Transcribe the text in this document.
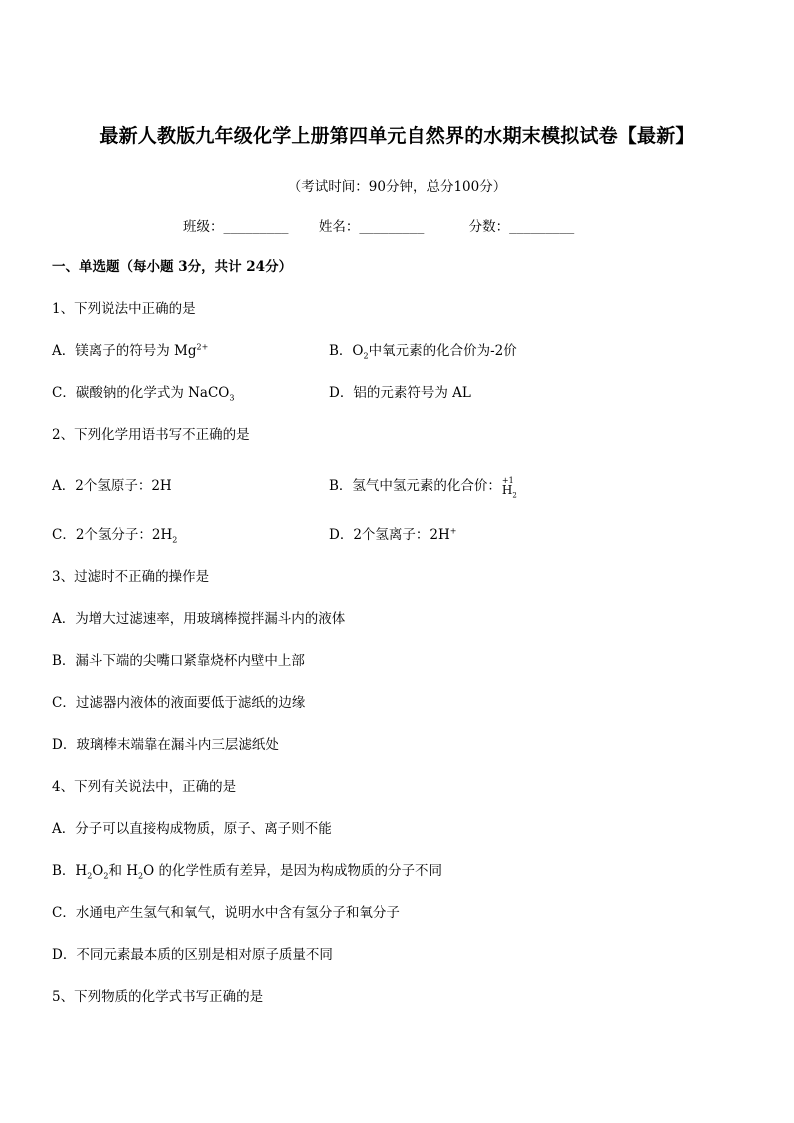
最新人教版九年级化学上册第四单元自然界的水期末模拟试卷【最新】
（考试时间：90分钟，总分100分）
班级：_________ 姓名：_________	分数：_________
一、单选题（每小题 3分，共计 24分）
1、下列说法中正确的是
A．镁离子的符号为 $Mg^{2+}$	B．$O_2$中氧元素的化合价为-2价
C．碳酸钠的化学式为 NaCO$_3$	D．铝的元素符号为 AL
2、下列化学用语书写不正确的是
A．2个氢原子：2H	B．氢气中氢元素的化合价： +1
$H_2$
C．2个氢分子：$2H_2$	D．2个氢离子：2H+
3、过滤时不正确的操作是
A．为增大过滤速率，用玻璃棒搅拌漏斗内的液体
B．漏斗下端的尖嘴口紧靠烧杯内壁中上部
C．过滤器内液体的液面要低于滤纸的边缘
D．玻璃棒末端靠在漏斗内三层滤纸处
4、下列有关说法中，正确的是
A．分子可以直接构成物质，原子、离子则不能
B．$H_2O_2$和 $H_2O$ 的化学性质有差异，是因为构成物质的分子不同
C．水通电产生氢气和氧气，说明水中含有氢分子和氧分子
D．不同元素最本质的区别是相对原子质量不同
5、下列物质的化学式书写正确的是
